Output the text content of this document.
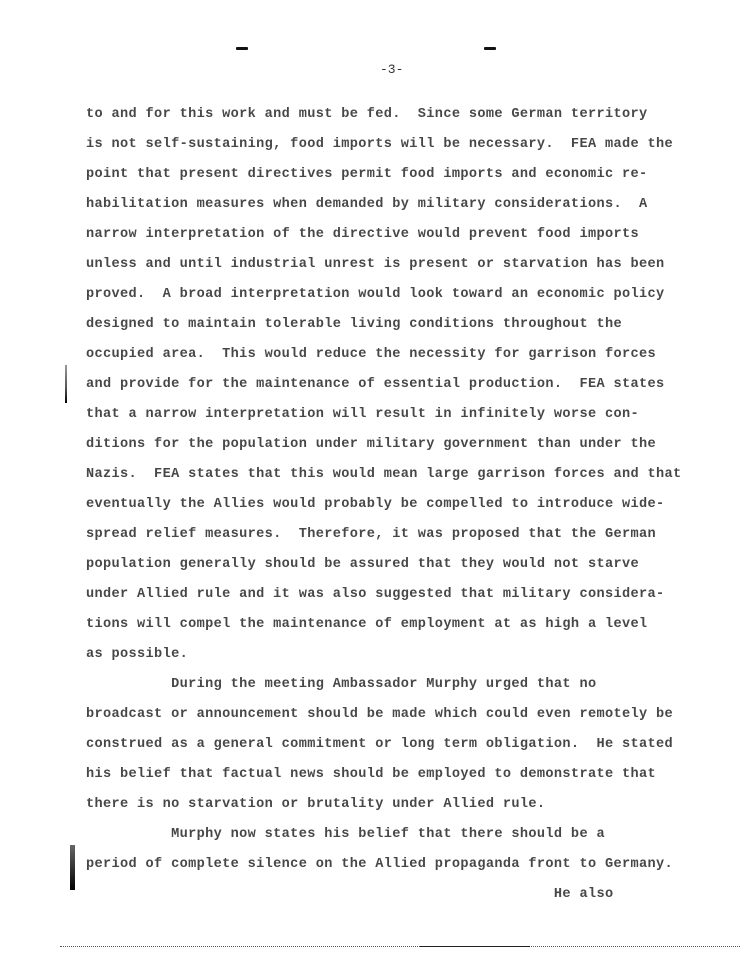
-3-
to and for this work and must be fed.  Since some German territory
is not self-sustaining, food imports will be necessary.  FEA made the
point that present directives permit food imports and economic re-
habilitation measures when demanded by military considerations.  A
narrow interpretation of the directive would prevent food imports
unless and until industrial unrest is present or starvation has been
proved.  A broad interpretation would look toward an economic policy
designed to maintain tolerable living conditions throughout the
occupied area.  This would reduce the necessity for garrison forces
and provide for the maintenance of essential production.  FEA states
that a narrow interpretation will result in infinitely worse con-
ditions for the population under military government than under the
Nazis.  FEA states that this would mean large garrison forces and that
eventually the Allies would probably be compelled to introduce wide-
spread relief measures.  Therefore, it was proposed that the German
population generally should be assured that they would not starve
under Allied rule and it was also suggested that military considera-
tions will compel the maintenance of employment at as high a level
as possible.
During the meeting Ambassador Murphy urged that no
broadcast or announcement should be made which could even remotely be
construed as a general commitment or long term obligation.  He stated
his belief that factual news should be employed to demonstrate that
there is no starvation or brutality under Allied rule.
Murphy now states his belief that there should be a
period of complete silence on the Allied propaganda front to Germany.
He also
